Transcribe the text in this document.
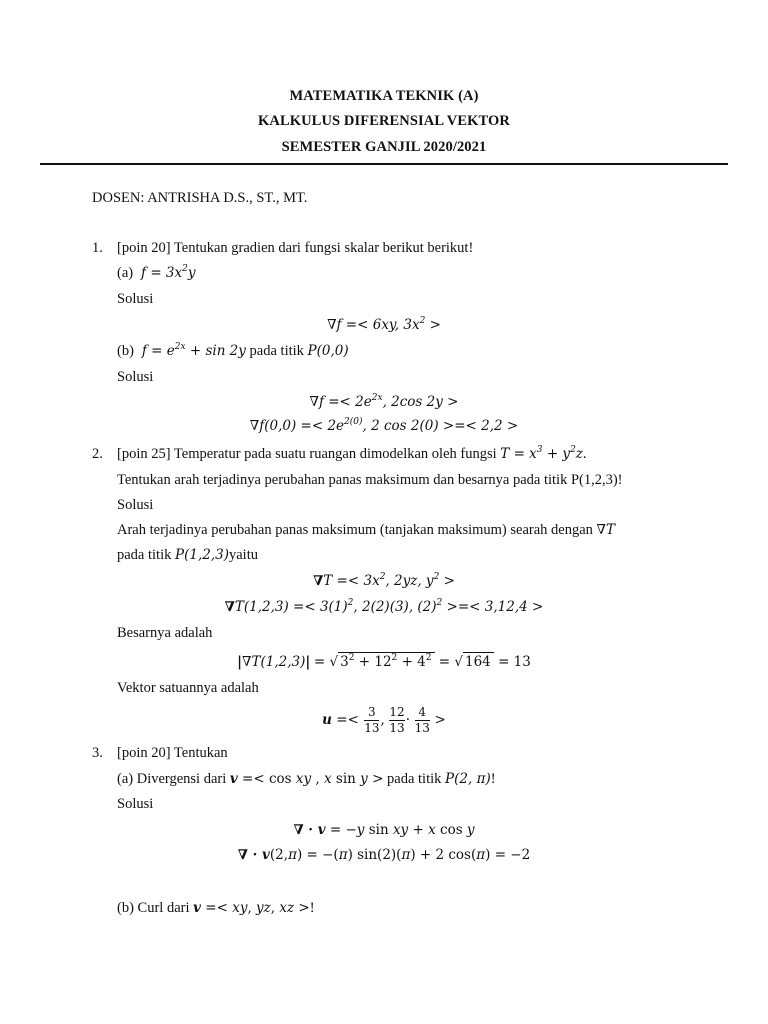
MATEMATIKA TEKNIK (A)
KALKULUS DIFERENSIAL VEKTOR
SEMESTER GANJIL 2020/2021
DOSEN: ANTRISHA D.S., ST., MT.
1. [poin 20] Tentukan gradien dari fungsi skalar berikut berikut!
(a)  $f = 3x^2y$
Solusi
∇f =< 6xy, $3x^2$ >
(b)  $f = e^{2x} + \sin 2y$ pada titik P(0,0)
Solusi
$\nabla f =< 2e^{2x}$, 2cos 2y >
$\nabla f(0,0) =< 2e^{2(0)}$, 2 cos 2(0) >=< 2,2 >
2. [poin 25] Temperatur pada suatu ruangan dimodelkan oleh fungsi $T = x^3 + y^2z$.
Tentukan arah terjadinya perubahan panas maksimum dan besarnya pada titik P(1,2,3)!
Solusi
Arah terjadinya perubahan panas maksimum (tanjakan maksimum) searah dengan ∇T
pada titik P(1,2,3)yaitu
$\nabla T =< 3x^2$, 2yz, $y^2$ >
$\nabla T(1,2,3) =< 3(1)^2$, 2(2)(3), $(2)^2$ >=< 3,12,4 >
Besarnya adalah
|∇T(1,2,3)| = √ $3^2 + 12^2 + 4^2$ = √ 164 = 13
Vektor satuannya adalah
$u =< \frac{3}{13}$ , $\frac{12}{13} \cdot \frac{4}{13}$ >
3. [poin 20] Tentukan
(a) Divergensi dari v =< cos xy , x sin y > pada titik P(2, π)!
Solusi
∇ · v = −y sin xy + x cos y
∇ · v(2,π) = −(π) sin(2)(π) + 2 cos(π) = −2
(b) Curl dari v =< xy, yz, xz >!
